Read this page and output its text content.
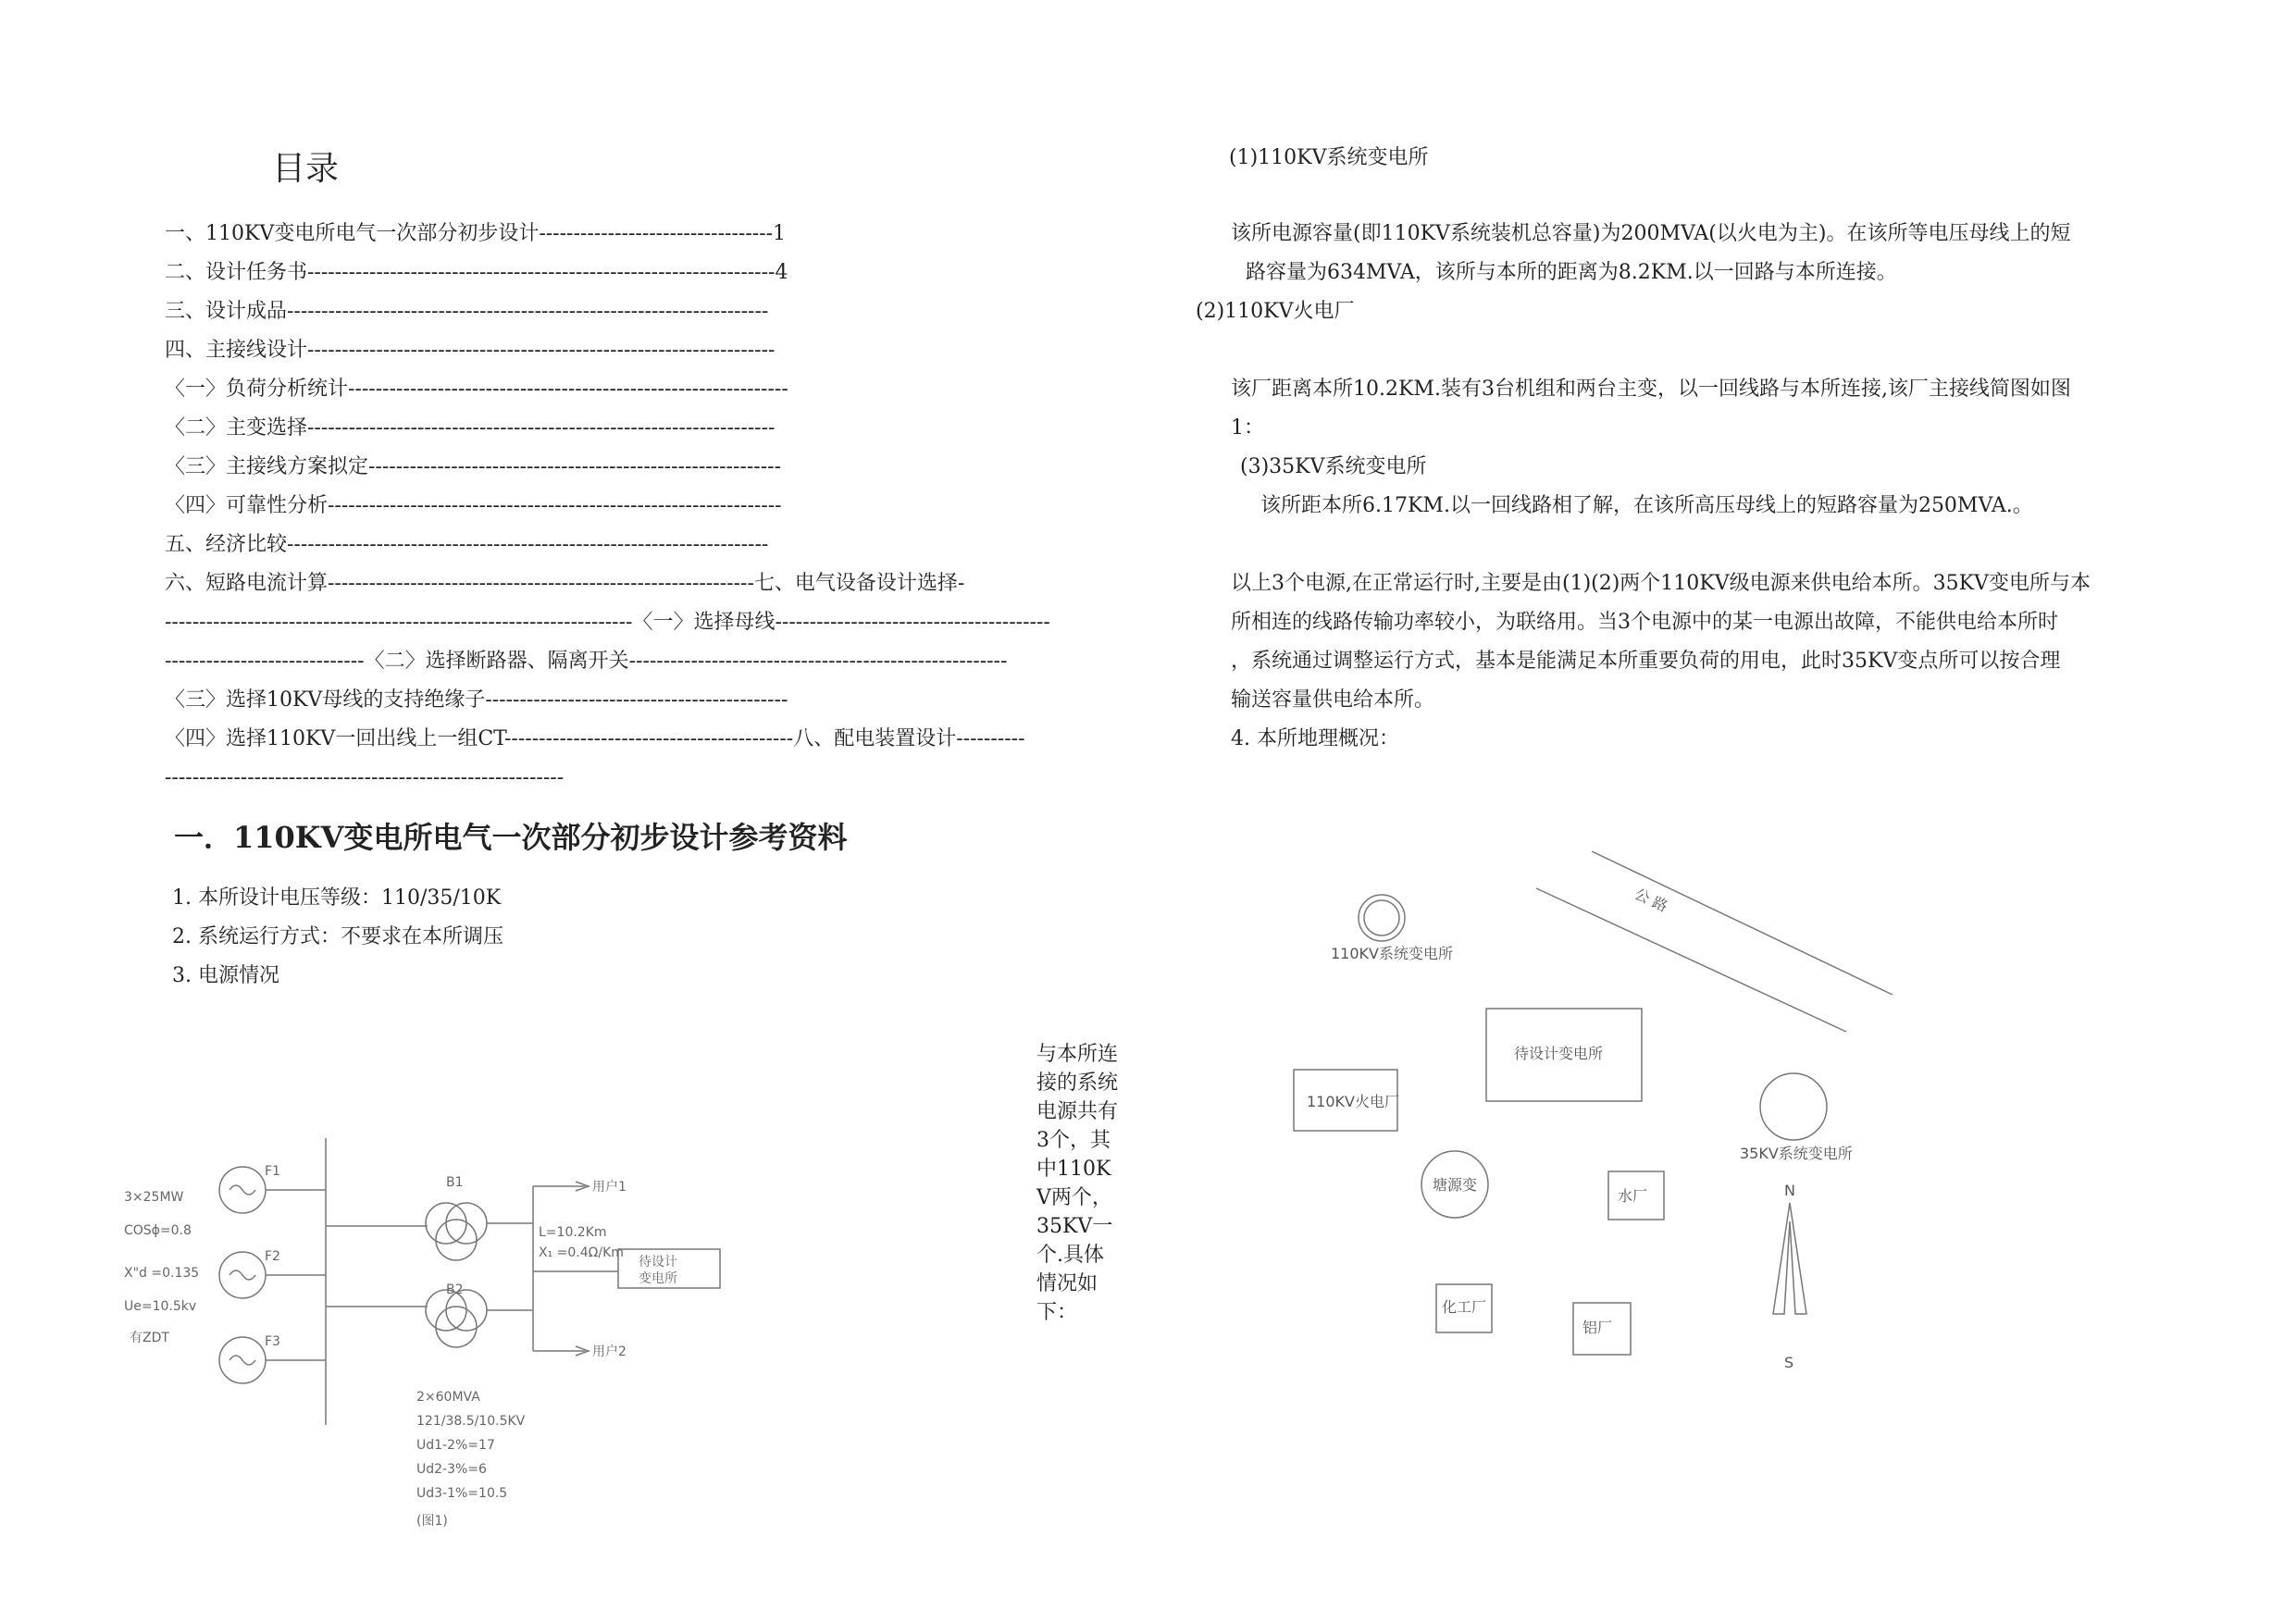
目录
一、110KV变电所电气一次部分初步设计----------------------------------1
二、设计任务书--------------------------------------------------------------------4
三、设计成品----------------------------------------------------------------------
四、主接线设计--------------------------------------------------------------------
〈一〉负荷分析统计----------------------------------------------------------------
〈二〉主变选择--------------------------------------------------------------------
〈三〉主接线方案拟定------------------------------------------------------------
〈四〉可靠性分析------------------------------------------------------------------
五、经济比较----------------------------------------------------------------------
六、短路电流计算--------------------------------------------------------------七、电气设备设计选择-
--------------------------------------------------------------------〈一〉选择母线----------------------------------------
-----------------------------〈二〉选择断路器、隔离开关-------------------------------------------------------
〈三〉选择10KV母线的支持绝缘子--------------------------------------------
〈四〉选择110KV一回出线上一组CT------------------------------------------八、配电装置设计----------
----------------------------------------------------------
一．110KV变电所电气一次部分初步设计参考资料
1. 本所设计电压等级：110/35/10K
2. 系统运行方式：不要求在本所调压
3. 电源情况
与本所连接的系统电源共有3个，其中110KV两个，35KV一个.具体情况如下：
F1
F2
F3
3×25MW
COSϕ=0.8
X"d =0.135
Ue=10.5kv
有ZDT
B1
B2
用户1
用户2
L=10.2Km
X₁ =0.4Ω/Km
待设计
变电所
2×60MVA
121/38.5/10.5KV
Ud1-2%=17
Ud2-3%=6
Ud3-1%=10.5
(图1)
(1)110KV系统变电所
该所电源容量(即110KV系统装机总容量)为200MVA(以火电为主)。在该所等电压母线上的短
路容量为634MVA，该所与本所的距离为8.2KM.以一回路与本所连接。
(2)110KV火电厂
该厂距离本所10.2KM.装有3台机组和两台主变，以一回线路与本所连接,该厂主接线简图如图
1：
(3)35KV系统变电所
该所距本所6.17KM.以一回线路相了解，在该所高压母线上的短路容量为250MVA.。
以上3个电源,在正常运行时,主要是由(1)(2)两个110KV级电源来供电给本所。35KV变电所与本
所相连的线路传输功率较小，为联络用。当3个电源中的某一电源出故障，不能供电给本所时
，系统通过调整运行方式，基本是能满足本所重要负荷的用电，此时35KV变点所可以按合理
输送容量供电给本所。
4. 本所地理概况：
公 路
110KV系统变电所
待设计变电所
110KV火电厂
35KV系统变电所
塘源变
水厂
化工厂
铝厂
N
S
